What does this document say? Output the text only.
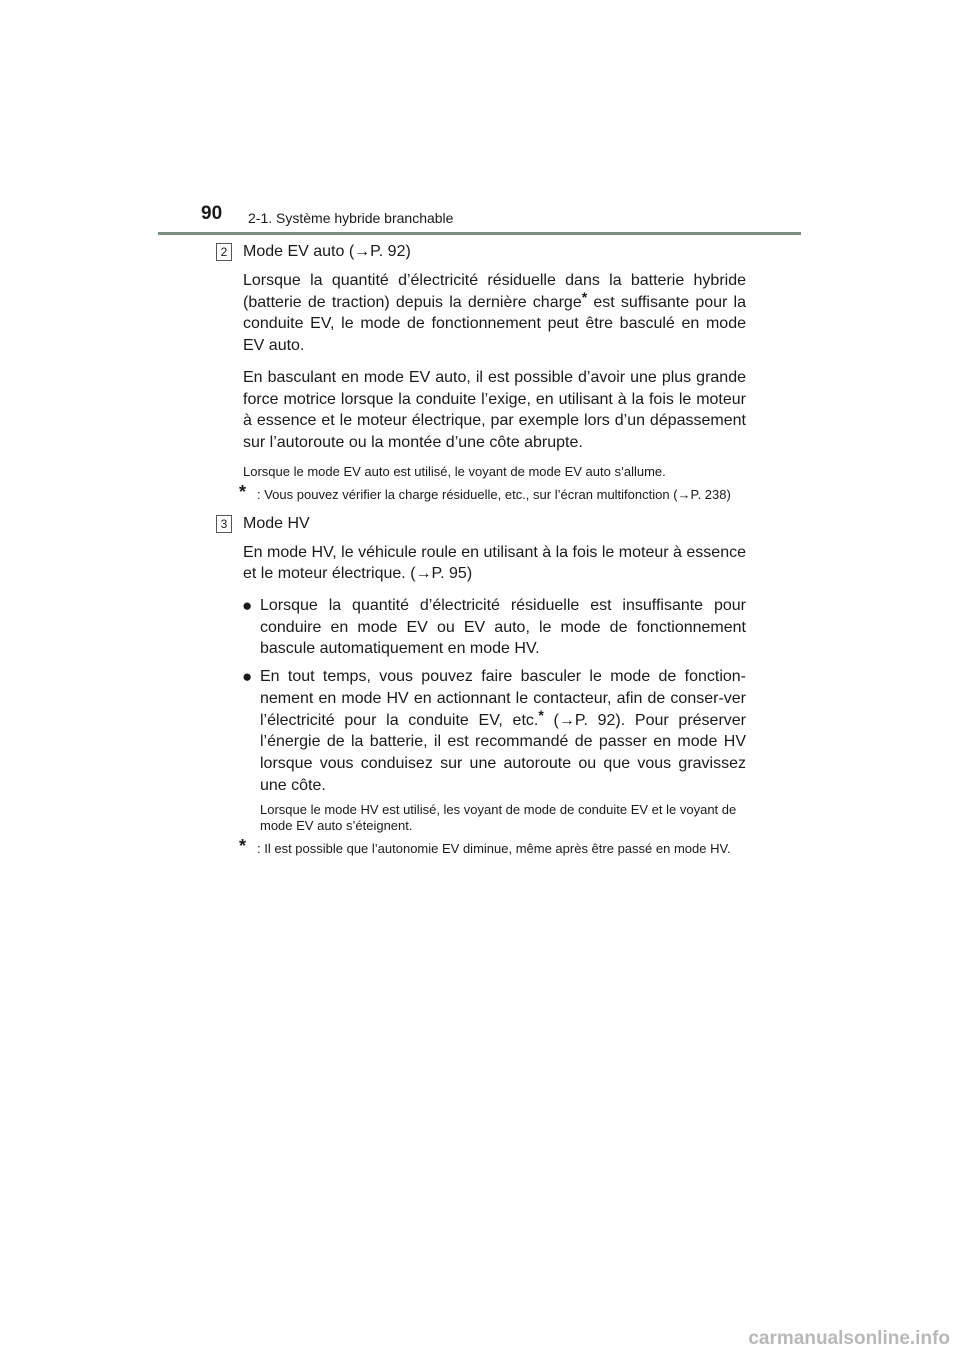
90 2-1. Système hybride branchable
2 Mode EV auto (→P. 92)

Lorsque la quantité d’électricité résiduelle dans la batterie hybride (batterie de traction) depuis la dernière charge* est suffisante pour la conduite EV, le mode de fonctionnement peut être basculé en mode EV auto.

En basculant en mode EV auto, il est possible d’avoir une plus grande force motrice lorsque la conduite l’exige, en utilisant à la fois le moteur à essence et le moteur électrique, par exemple lors d’un dépassement sur l’autoroute ou la montée d’une côte abrupte.

Lorsque le mode EV auto est utilisé, le voyant de mode EV auto s’allume.

* : Vous pouvez vérifier la charge résiduelle, etc., sur l’écran multifonction (→P. 238)

3 Mode HV

En mode HV, le véhicule roule en utilisant à la fois le moteur à essence et le moteur électrique. (→P. 95)

● Lorsque la quantité d’électricité résiduelle est insuffisante pour conduire en mode EV ou EV auto, le mode de fonctionnement bascule automatiquement en mode HV.

● En tout temps, vous pouvez faire basculer le mode de fonction-nement en mode HV en actionnant le contacteur, afin de conser-ver l’électricité pour la conduite EV, etc.* (→P. 92). Pour préserver l’énergie de la batterie, il est recommandé de passer en mode HV lorsque vous conduisez sur une autoroute ou que vous gravissez une côte.

Lorsque le mode HV est utilisé, les voyant de mode de conduite EV et le voyant de mode EV auto s’éteignent.

* : Il est possible que l’autonomie EV diminue, même après être passé en mode HV.

carmanualsonline.info
